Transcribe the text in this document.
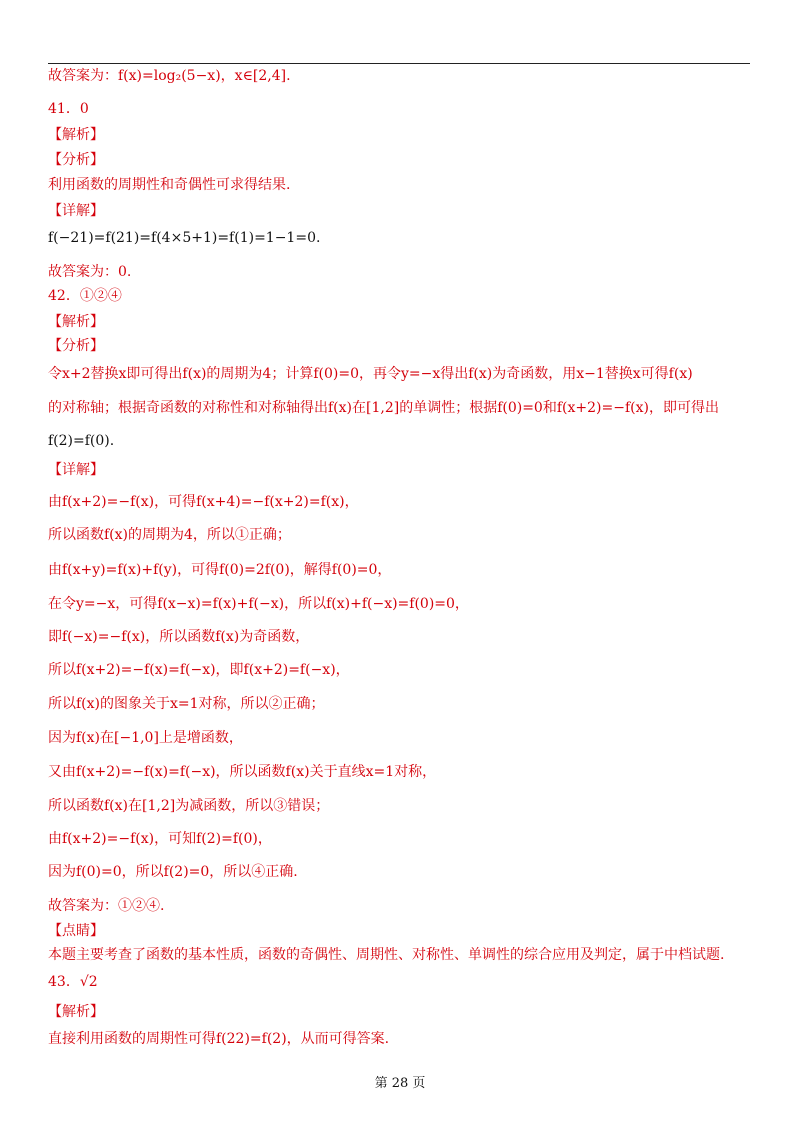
故答案为：f(x)=log₂(5−x)，x∈[2,4].
41．0
【解析】
【分析】
利用函数的周期性和奇偶性可求得结果.
【详解】
f(−21)=f(21)=f(4×5+1)=f(1)=1−1=0.
故答案为：0.
42．①②④
【解析】
【分析】
令x+2替换x即可得出f(x)的周期为4；计算f(0)=0，再令y=−x得出f(x)为奇函数，用x−1替换x可得f(x)
的对称轴；根据奇函数的对称性和对称轴得出f(x)在[1,2]的单调性；根据f(0)=0和f(x+2)=−f(x)，即可得出
f(2)=f(0).
【详解】
由f(x+2)=−f(x)，可得f(x+4)=−f(x+2)=f(x)，
所以函数f(x)的周期为4，所以①正确；
由f(x+y)=f(x)+f(y)，可得f(0)=2f(0)，解得f(0)=0，
在令y=−x，可得f(x−x)=f(x)+f(−x)，所以f(x)+f(−x)=f(0)=0，
即f(−x)=−f(x)，所以函数f(x)为奇函数，
所以f(x+2)=−f(x)=f(−x)，即f(x+2)=f(−x)，
所以f(x)的图象关于x=1对称，所以②正确；
因为f(x)在[−1,0]上是增函数，
又由f(x+2)=−f(x)=f(−x)，所以函数f(x)关于直线x=1对称，
所以函数f(x)在[1,2]为减函数，所以③错误；
由f(x+2)=−f(x)，可知f(2)=f(0)，
因为f(0)=0，所以f(2)=0，所以④正确.
故答案为：①②④.
【点睛】
本题主要考查了函数的基本性质，函数的奇偶性、周期性、对称性、单调性的综合应用及判定，属于中档试题.
43．√2
【解析】
直接利用函数的周期性可得f(22)=f(2)，从而可得答案.
第 28 页
